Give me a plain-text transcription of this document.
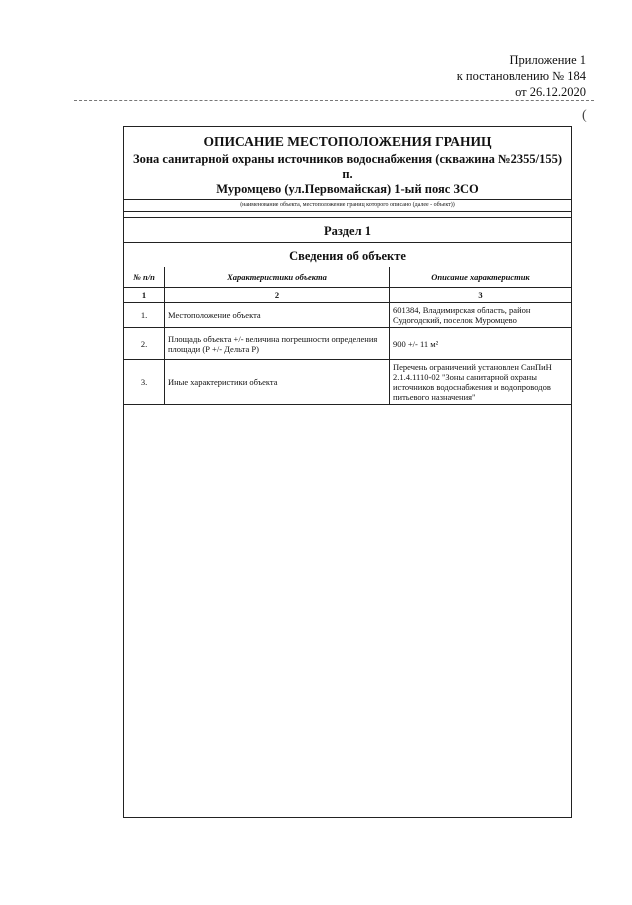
Приложение 1
к постановлению № 184
от 26.12.2020
(
ОПИСАНИЕ МЕСТОПОЛОЖЕНИЯ ГРАНИЦ
Зона санитарной охраны источников водоснабжения (скважина №2355/155) п.
Муромцево (ул.Первомайская) 1-ый пояс ЗСО
(наименование объекта, местоположение границ которого описано (далее - объект))
Раздел 1
Сведения об объекте
№ п/п	Характеристики объекта	Описание характеристик
1	2	3
1.	Местоположение объекта	601384, Владимирская область, район Судогодский, поселок Муромцево
2.	Площадь объекта +/- величина погрешности определения площади (Р +/- Дельта Р)	900 +/- 11 м²
3.	Иные характеристики объекта	Перечень ограничений установлен СанПиН 2.1.4.1110-02 "Зоны санитарной охраны источников водоснабжения и водопроводов питьевого назначения"
